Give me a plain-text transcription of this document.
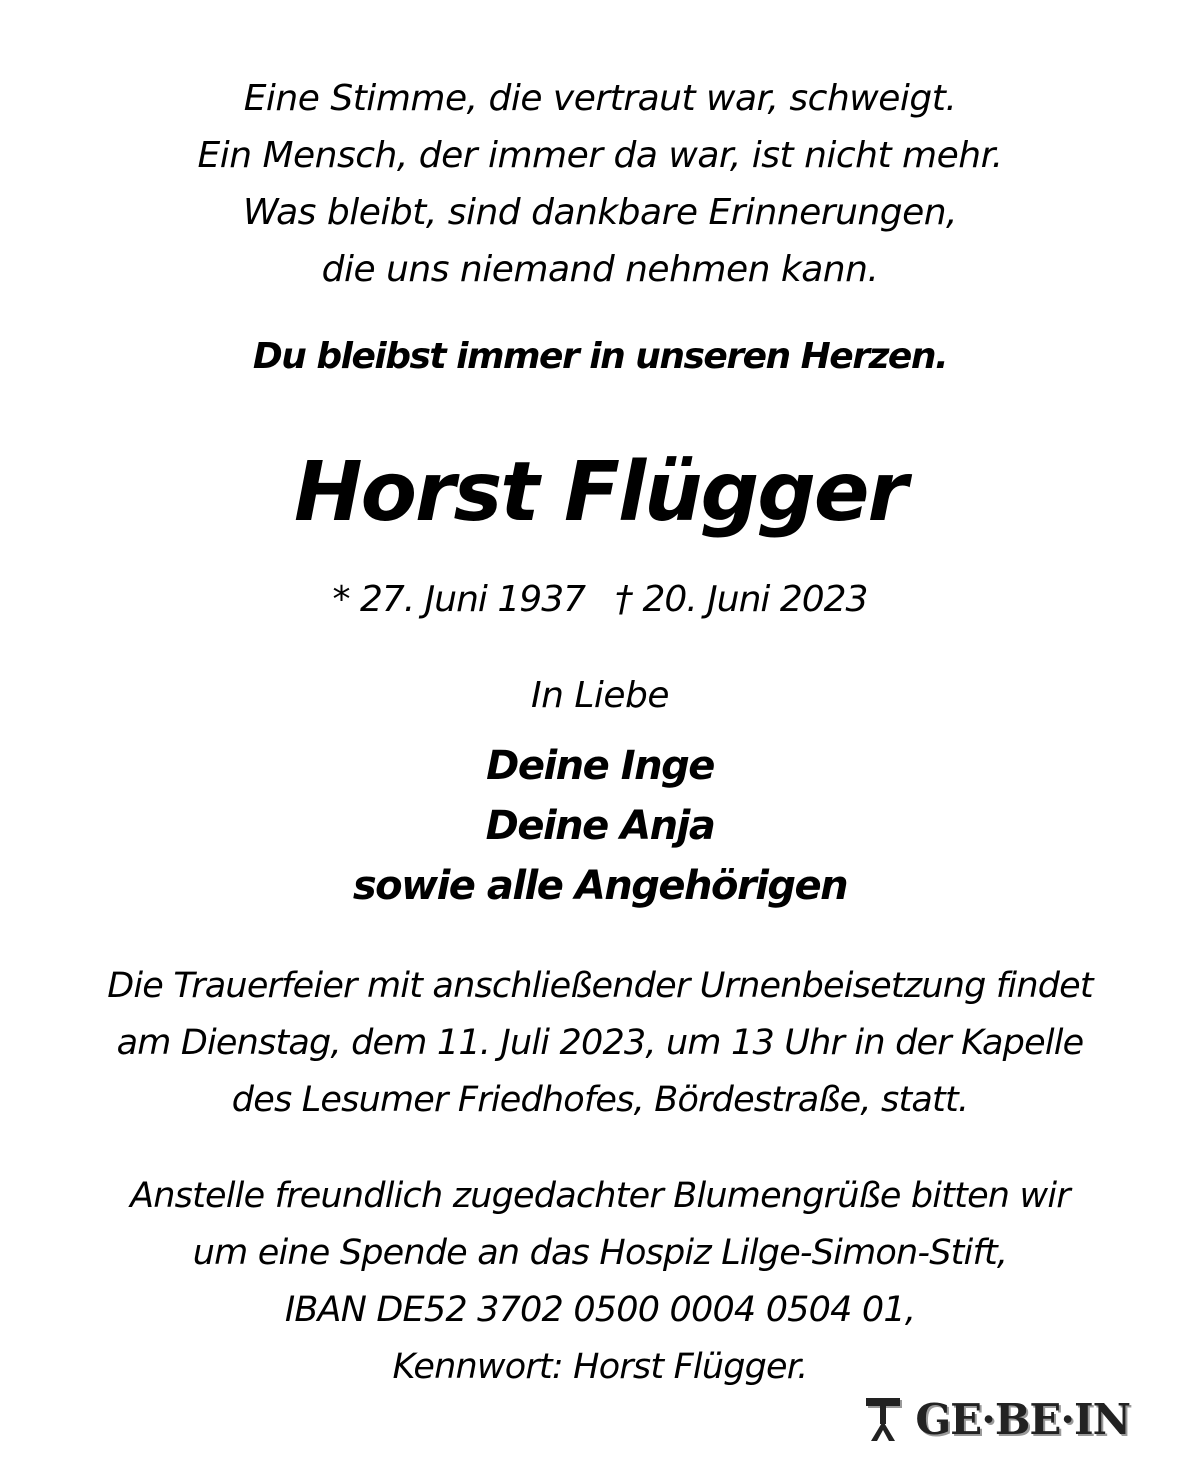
Eine Stimme, die vertraut war, schweigt.
Ein Mensch, der immer da war, ist nicht mehr.
Was bleibt, sind dankbare Erinnerungen,
die uns niemand nehmen kann.
Du bleibst immer in unseren Herzen.
Horst Flügger
* 27. Juni 1937 † 20. Juni 2023
In Liebe
Deine Inge
Deine Anja
sowie alle Angehörigen
Die Trauerfeier mit anschließender Urnenbeisetzung findet
am Dienstag, dem 11. Juli 2023, um 13 Uhr in der Kapelle
des Lesumer Friedhofes, Bördestraße, statt.
Anstelle freundlich zugedachter Blumengrüße bitten wir
um eine Spende an das Hospiz Lilge-Simon-Stift,
IBAN DE52 3702 0500 0004 0504 01,
Kennwort: Horst Flügger.
GE·BE·IN
